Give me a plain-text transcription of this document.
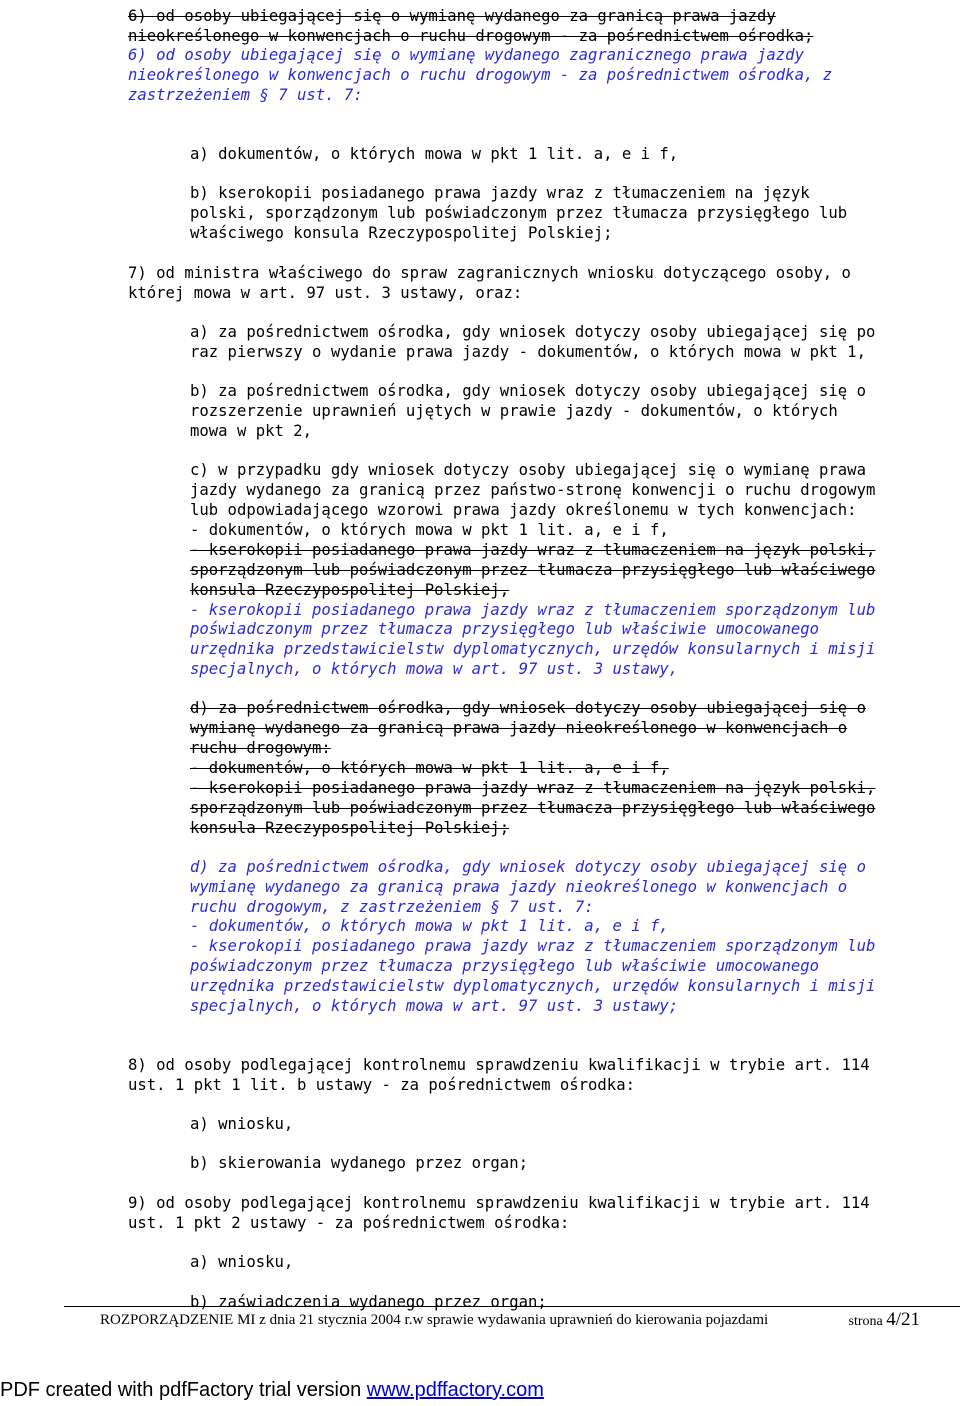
6) od osoby ubiegającej się o wymianę wydanego za granicą prawa jazdy
nieokreślonego w konwencjach o ruchu drogowym - za pośrednictwem ośrodka;
6) od osoby ubiegającej się o wymianę wydanego zagranicznego prawa jazdy
nieokreślonego w konwencjach o ruchu drogowym - za pośrednictwem ośrodka, z
zastrzeżeniem § 7 ust. 7:
a) dokumentów, o których mowa w pkt 1 lit. a, e i f,
b) kserokopii posiadanego prawa jazdy wraz z tłumaczeniem na język
polski, sporządzonym lub poświadczonym przez tłumacza przysięgłego lub
właściwego konsula Rzeczypospolitej Polskiej;
7) od ministra właściwego do spraw zagranicznych wniosku dotyczącego osoby, o
której mowa w art. 97 ust. 3 ustawy, oraz:
a) za pośrednictwem ośrodka, gdy wniosek dotyczy osoby ubiegającej się po
raz pierwszy o wydanie prawa jazdy - dokumentów, o których mowa w pkt 1,
b) za pośrednictwem ośrodka, gdy wniosek dotyczy osoby ubiegającej się o
rozszerzenie uprawnień ujętych w prawie jazdy - dokumentów, o których
mowa w pkt 2,
c) w przypadku gdy wniosek dotyczy osoby ubiegającej się o wymianę prawa
jazdy wydanego za granicą przez państwo-stronę konwencji o ruchu drogowym
lub odpowiadającego wzorowi prawa jazdy określonemu w tych konwencjach:
- dokumentów, o których mowa w pkt 1 lit. a, e i f,
- kserokopii posiadanego prawa jazdy wraz z tłumaczeniem na język polski,
sporządzonym lub poświadczonym przez tłumacza przysięgłego lub właściwego
konsula Rzeczypospolitej Polskiej,
- kserokopii posiadanego prawa jazdy wraz z tłumaczeniem sporządzonym lub
poświadczonym przez tłumacza przysięgłego lub właściwie umocowanego
urzędnika przedstawicielstw dyplomatycznych, urzędów konsularnych i misji
specjalnych, o których mowa w art. 97 ust. 3 ustawy,
d) za pośrednictwem ośrodka, gdy wniosek dotyczy osoby ubiegającej się o
wymianę wydanego za granicą prawa jazdy nieokreślonego w konwencjach o
ruchu drogowym:
- dokumentów, o których mowa w pkt 1 lit. a, e i f,
- kserokopii posiadanego prawa jazdy wraz z tłumaczeniem na język polski,
sporządzonym lub poświadczonym przez tłumacza przysięgłego lub właściwego
konsula Rzeczypospolitej Polskiej;
d) za pośrednictwem ośrodka, gdy wniosek dotyczy osoby ubiegającej się o
wymianę wydanego za granicą prawa jazdy nieokreślonego w konwencjach o
ruchu drogowym, z zastrzeżeniem § 7 ust. 7:
- dokumentów, o których mowa w pkt 1 lit. a, e i f,
- kserokopii posiadanego prawa jazdy wraz z tłumaczeniem sporządzonym lub
poświadczonym przez tłumacza przysięgłego lub właściwie umocowanego
urzędnika przedstawicielstw dyplomatycznych, urzędów konsularnych i misji
specjalnych, o których mowa w art. 97 ust. 3 ustawy;
8) od osoby podlegającej kontrolnemu sprawdzeniu kwalifikacji w trybie art. 114
ust. 1 pkt 1 lit. b ustawy - za pośrednictwem ośrodka:
a) wniosku,
b) skierowania wydanego przez organ;
9) od osoby podlegającej kontrolnemu sprawdzeniu kwalifikacji w trybie art. 114
ust. 1 pkt 2 ustawy - za pośrednictwem ośrodka:
a) wniosku,
b) zaświadczenia wydanego przez organ;
ROZPORZĄDZENIE MI z dnia 21 stycznia 2004 r.w sprawie wydawania uprawnień do kierowania pojazdami	strona 4/21
PDF created with pdfFactory trial version www.pdffactory.com
